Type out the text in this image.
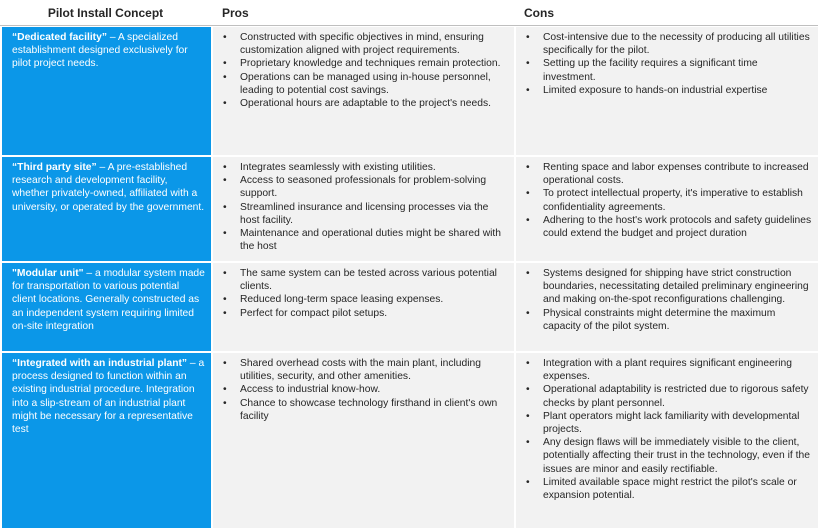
Pilot Install Concept	Pros	Cons
“Dedicated facility” – A specialized establishment designed exclusively for pilot project needs.
• Constructed with specific objectives in mind, ensuring customization aligned with project requirements.
• Proprietary knowledge and techniques remain protection.
• Operations can be managed using in-house personnel, leading to potential cost savings.
• Operational hours are adaptable to the project's needs.
• Cost-intensive due to the necessity of producing all utilities specifically for the pilot.
• Setting up the facility requires a significant time investment.
• Limited exposure to hands-on industrial expertise
“Third party site” – A pre-established research and development facility, whether privately-owned, affiliated with a university, or operated by the government.
• Integrates seamlessly with existing utilities.
• Access to seasoned professionals for problem-solving support.
• Streamlined insurance and licensing processes via the host facility.
• Maintenance and operational duties might be shared with the host
• Renting space and labor expenses contribute to increased operational costs.
• To protect intellectual property, it's imperative to establish confidentiality agreements.
• Adhering to the host's work protocols and safety guidelines could extend the budget and project duration
"Modular unit" – a modular system made for transportation to various potential client locations. Generally constructed as an independent system requiring limited on-site integration
• The same system can be tested across various potential clients.
• Reduced long-term space leasing expenses.
• Perfect for compact pilot setups.
• Systems designed for shipping have strict construction boundaries, necessitating detailed preliminary engineering and making on-the-spot reconfigurations challenging.
• Physical constraints might determine the maximum capacity of the pilot system.
“Integrated with an industrial plant” – a process designed to function within an existing industrial procedure. Integration into a slip-stream of an industrial plant might be necessary for a representative test
• Shared overhead costs with the main plant, including utilities, security, and other amenities.
• Access to industrial know-how.
• Chance to showcase technology firsthand in client's own facility
• Integration with a plant requires significant engineering expenses.
• Operational adaptability is restricted due to rigorous safety checks by plant personnel.
• Plant operators might lack familiarity with developmental projects.
• Any design flaws will be immediately visible to the client, potentially affecting their trust in the technology, even if the issues are minor and easily rectifiable.
• Limited available space might restrict the pilot's scale or expansion potential.
